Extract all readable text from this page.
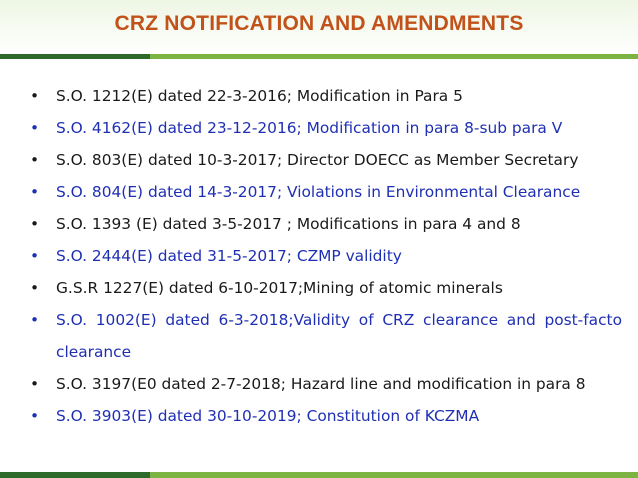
CRZ NOTIFICATION AND AMENDMENTS
• S.O. 1212(E) dated 22-3-2016; Modification in Para 5
• S.O. 4162(E) dated 23-12-2016; Modification in para 8-sub para V
• S.O. 803(E) dated 10-3-2017; Director DOECC as Member Secretary
• S.O. 804(E) dated 14-3-2017; Violations in Environmental Clearance
• S.O. 1393 (E) dated 3-5-2017 ; Modifications in para 4 and 8
• S.O. 2444(E) dated 31-5-2017; CZMP validity
• G.S.R 1227(E) dated 6-10-2017;Mining of atomic minerals
• S.O. 1002(E) dated 6-3-2018;Validity of CRZ clearance and post-facto clearance
• S.O. 3197(E0 dated 2-7-2018; Hazard line and modification in para 8
• S.O. 3903(E) dated 30-10-2019; Constitution of KCZMA
